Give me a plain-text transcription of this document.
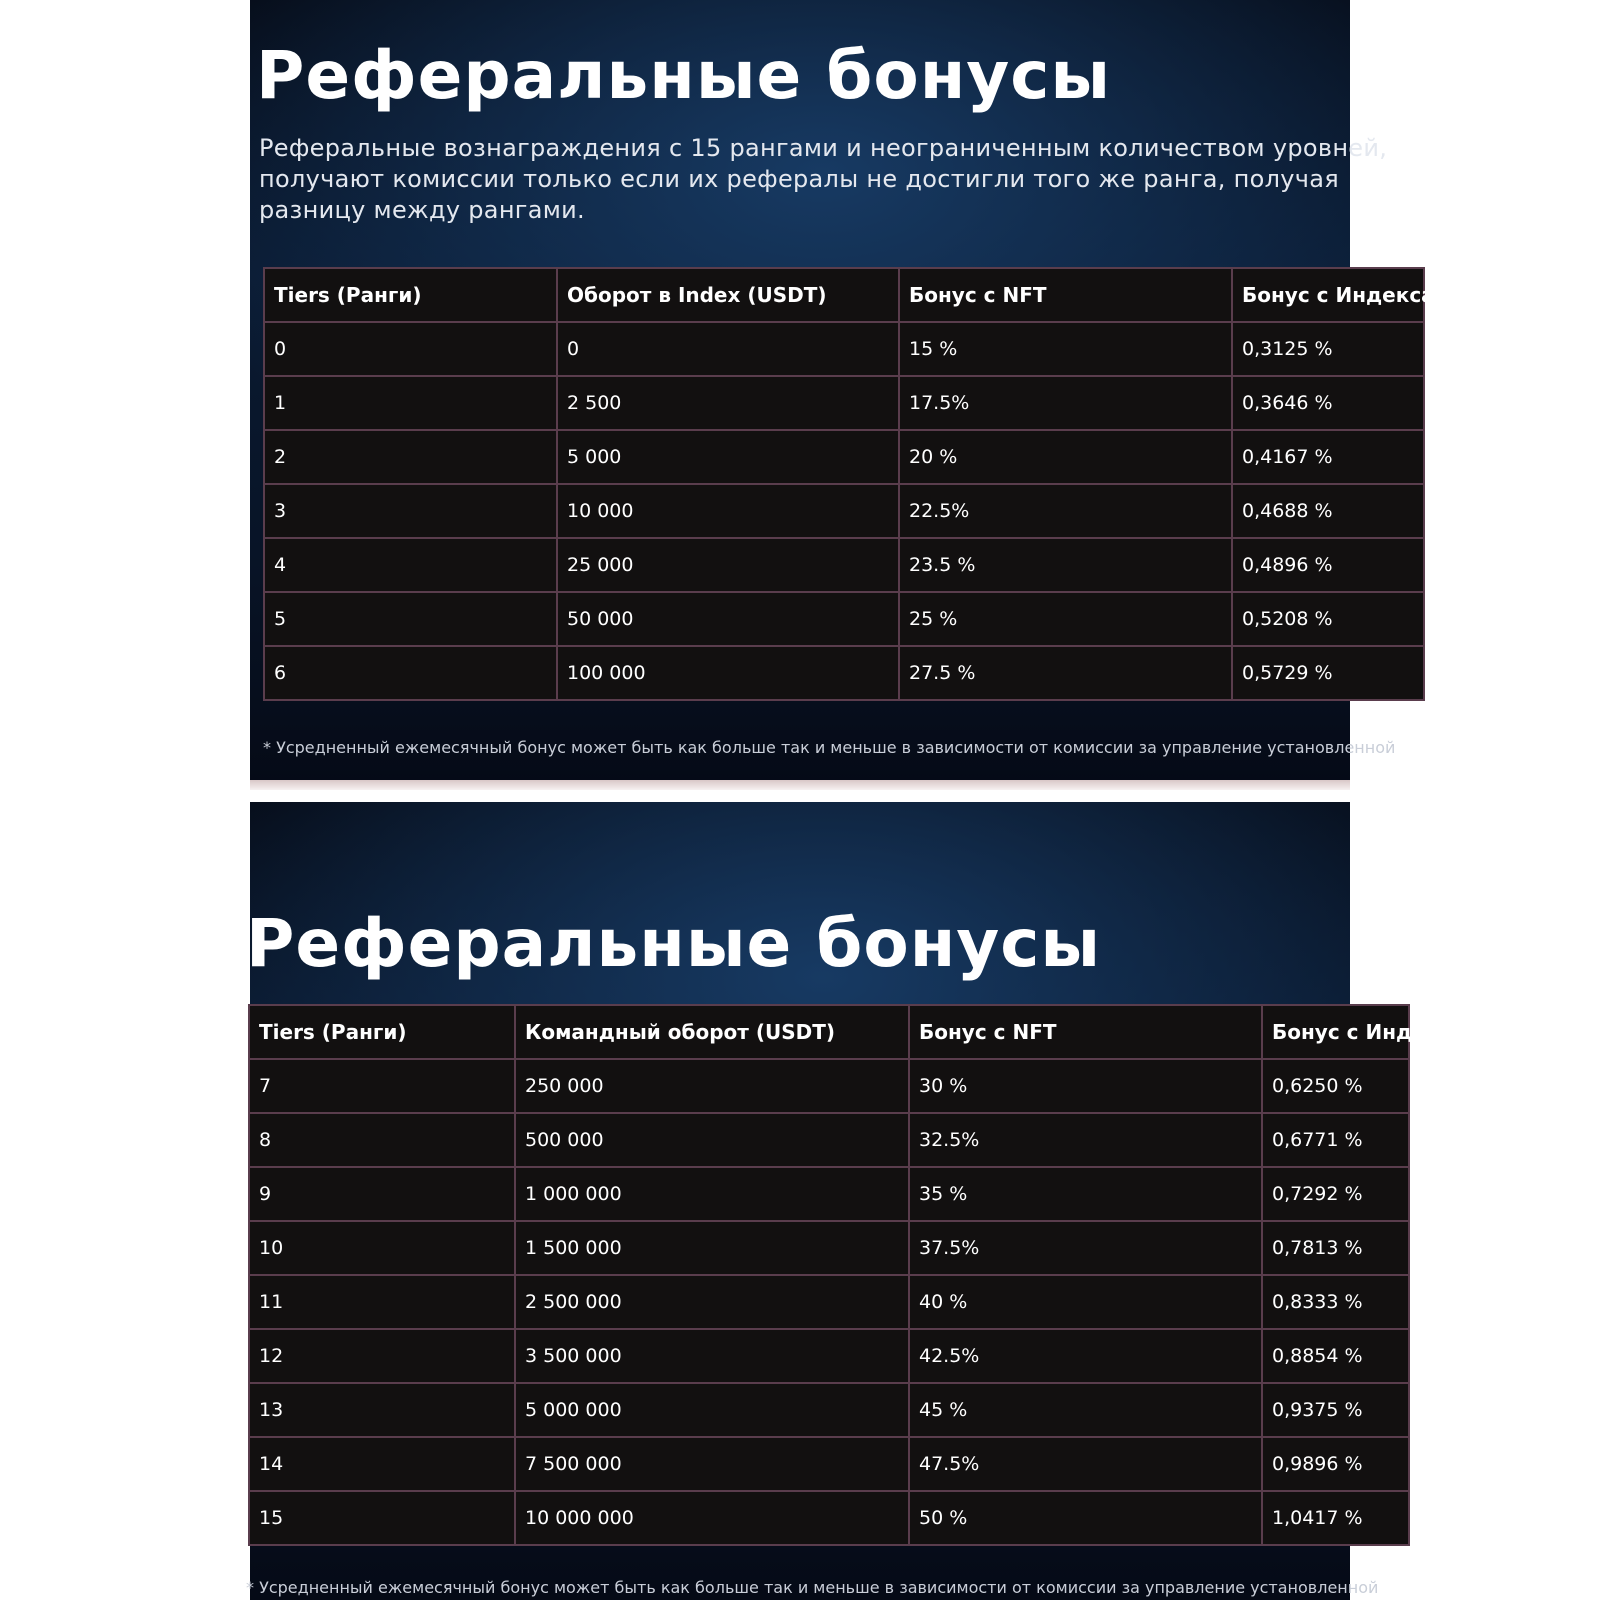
Реферальные бонусы

Реферальные вознаграждения с 15 рангами и неограниченным количеством уровней, получают комиссии только если их рефералы не достигли того же ранга, получая разницу между рангами.

Tiers (Ранги)	Оборот в Index (USDT)	Бонус с NFT	Бонус с Индекса
0	0	15 %	0,3125 %
1	2 500	17.5%	0,3646 %
2	5 000	20 %	0,4167 %
3	10 000	22.5%	0,4688 %
4	25 000	23.5 %	0,4896 %
5	50 000	25 %	0,5208 %
6	100 000	27.5 %	0,5729 %

* Усредненный ежемесячный бонус может быть как больше так и меньше в зависимости от комиссии за управление установленной

Реферальные бонусы
Tiers (Ранги)	Командный оборот (USDT)	Бонус с NFT	Бонус с Индекса
7	250 000	30 %	0,6250 %
8	500 000	32.5%	0,6771 %
9	1 000 000	35 %	0,7292 %
10	1 500 000	37.5%	0,7813 %
11	2 500 000	40 %	0,8333 %
12	3 500 000	42.5%	0,8854 %
13	5 000 000	45 %	0,9375 %
14	7 500 000	47.5%	0,9896 %
15	10 000 000	50 %	1,0417 %

* Усредненный ежемесячный бонус может быть как больше так и меньше в зависимости от комиссии за управление установленной
